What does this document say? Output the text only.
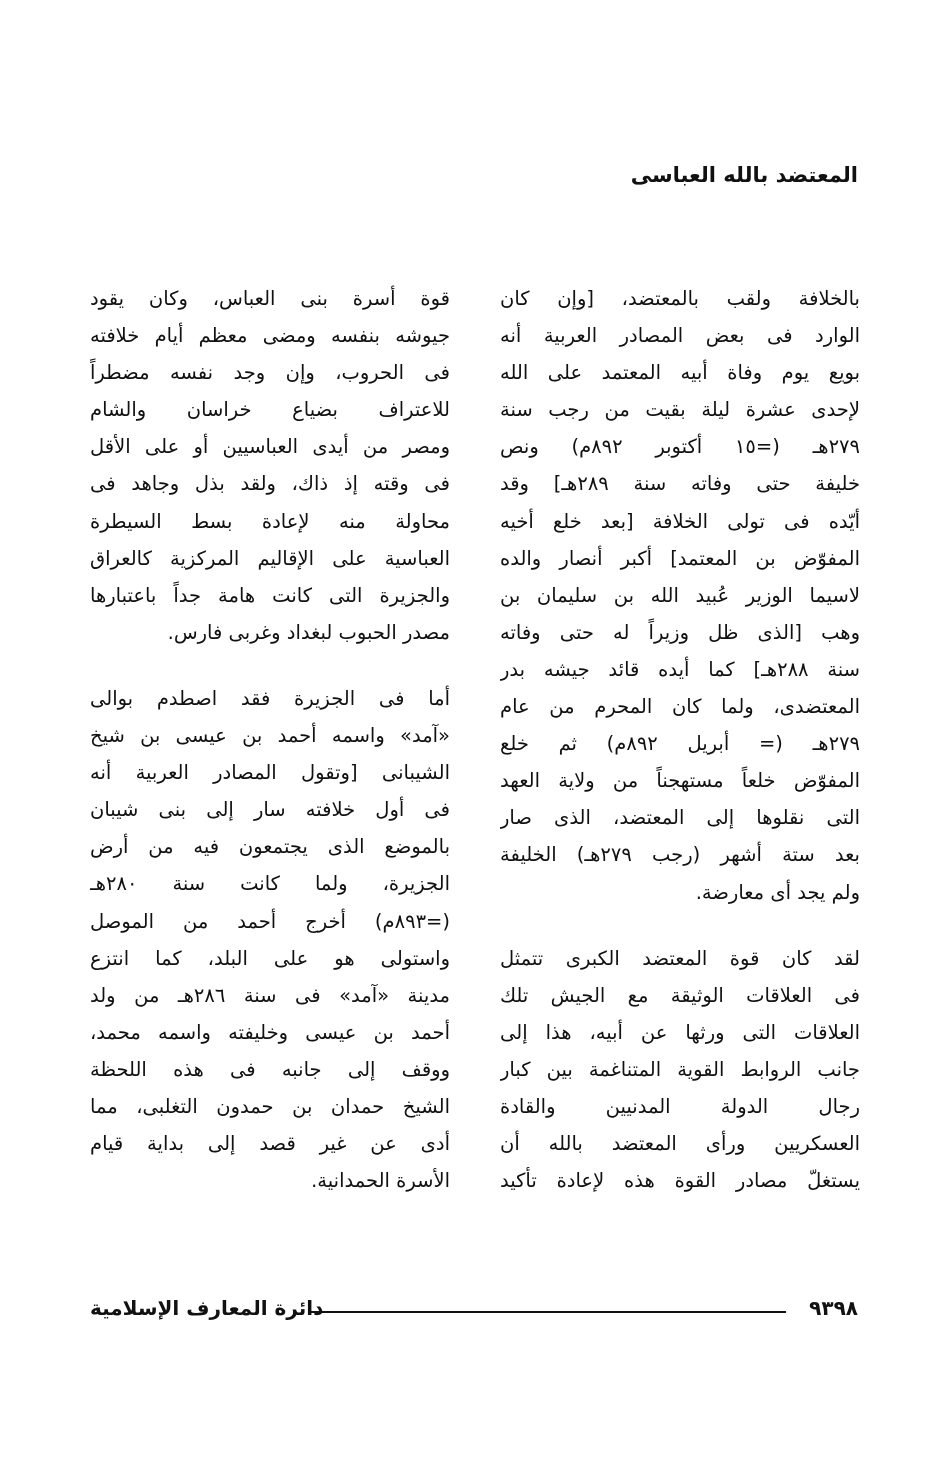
المعتضد بالله العباسى

بالخلافة ولقب بالمعتضد، [وإن كان
الوارد فى بعض المصادر العربية أنه
بويع يوم وفاة أبيه المعتمد على الله
لإحدى عشرة ليلة بقيت من رجب سنة
٢٧٩هـ (=١٥ أكتوبر ٨٩٢م) ونص
خليفة حتى وفاته سنة ٢٨٩هـ] وقد
أيّده فى تولى الخلافة [بعد خلع أخيه
المفوّض بن المعتمد] أكبر أنصار والده
لاسيما الوزير عُبيد الله بن سليمان بن
وهب [الذى ظل وزيراً له حتى وفاته
سنة ٢٨٨هـ] كما أيده قائد جيشه بدر
المعتضدى، ولما كان المحرم من عام
٢٧٩هـ (= أبريل ٨٩٢م) ثم خلع
المفوّض خلعاً مستهجناً من ولاية العهد
التى نقلوها إلى المعتضد، الذى صار
بعد ستة أشهر (رجب ٢٧٩هـ) الخليفة
ولم يجد أى معارضة.

لقد كان قوة المعتضد الكبرى تتمثل
فى العلاقات الوثيقة مع الجيش تلك
العلاقات التى ورثها عن أبيه، هذا إلى
جانب الروابط القوية المتناغمة بين كبار
رجال الدولة المدنيين والقادة
العسكريين ورأى المعتضد بالله أن
يستغلّ مصادر القوة هذه لإعادة تأكيد

قوة أسرة بنى العباس، وكان يقود
جيوشه بنفسه ومضى معظم أيام خلافته
فى الحروب، وإن وجد نفسه مضطراً
للاعتراف بضياع خراسان والشام
ومصر من أيدى العباسيين أو على الأقل
فى وقته إذ ذاك، ولقد بذل وجاهد فى
محاولة منه لإعادة بسط السيطرة
العباسية على الإقاليم المركزية كالعراق
والجزيرة التى كانت هامة جداً باعتبارها
مصدر الحبوب لبغداد وغربى فارس.

أما فى الجزيرة فقد اصطدم بوالى
«آمد» واسمه أحمد بن عيسى بن شيخ
الشيبانى [وتقول المصادر العربية أنه
فى أول خلافته سار إلى بنى شيبان
بالموضع الذى يجتمعون فيه من أرض
الجزيرة، ولما كانت سنة ٢٨٠هـ
(=٨٩٣م) أخرج أحمد من الموصل
واستولى هو على البلد، كما انتزع
مدينة «آمد» فى سنة ٢٨٦هـ من ولد
أحمد بن عيسى وخليفته واسمه محمد،
ووقف إلى جانبه فى هذه اللحظة
الشيخ حمدان بن حمدون التغلبى، مما
أدى عن غير قصد إلى بداية قيام
الأسرة الحمدانية.

٩٣٩٨
دائرة المعارف الإسلامية
